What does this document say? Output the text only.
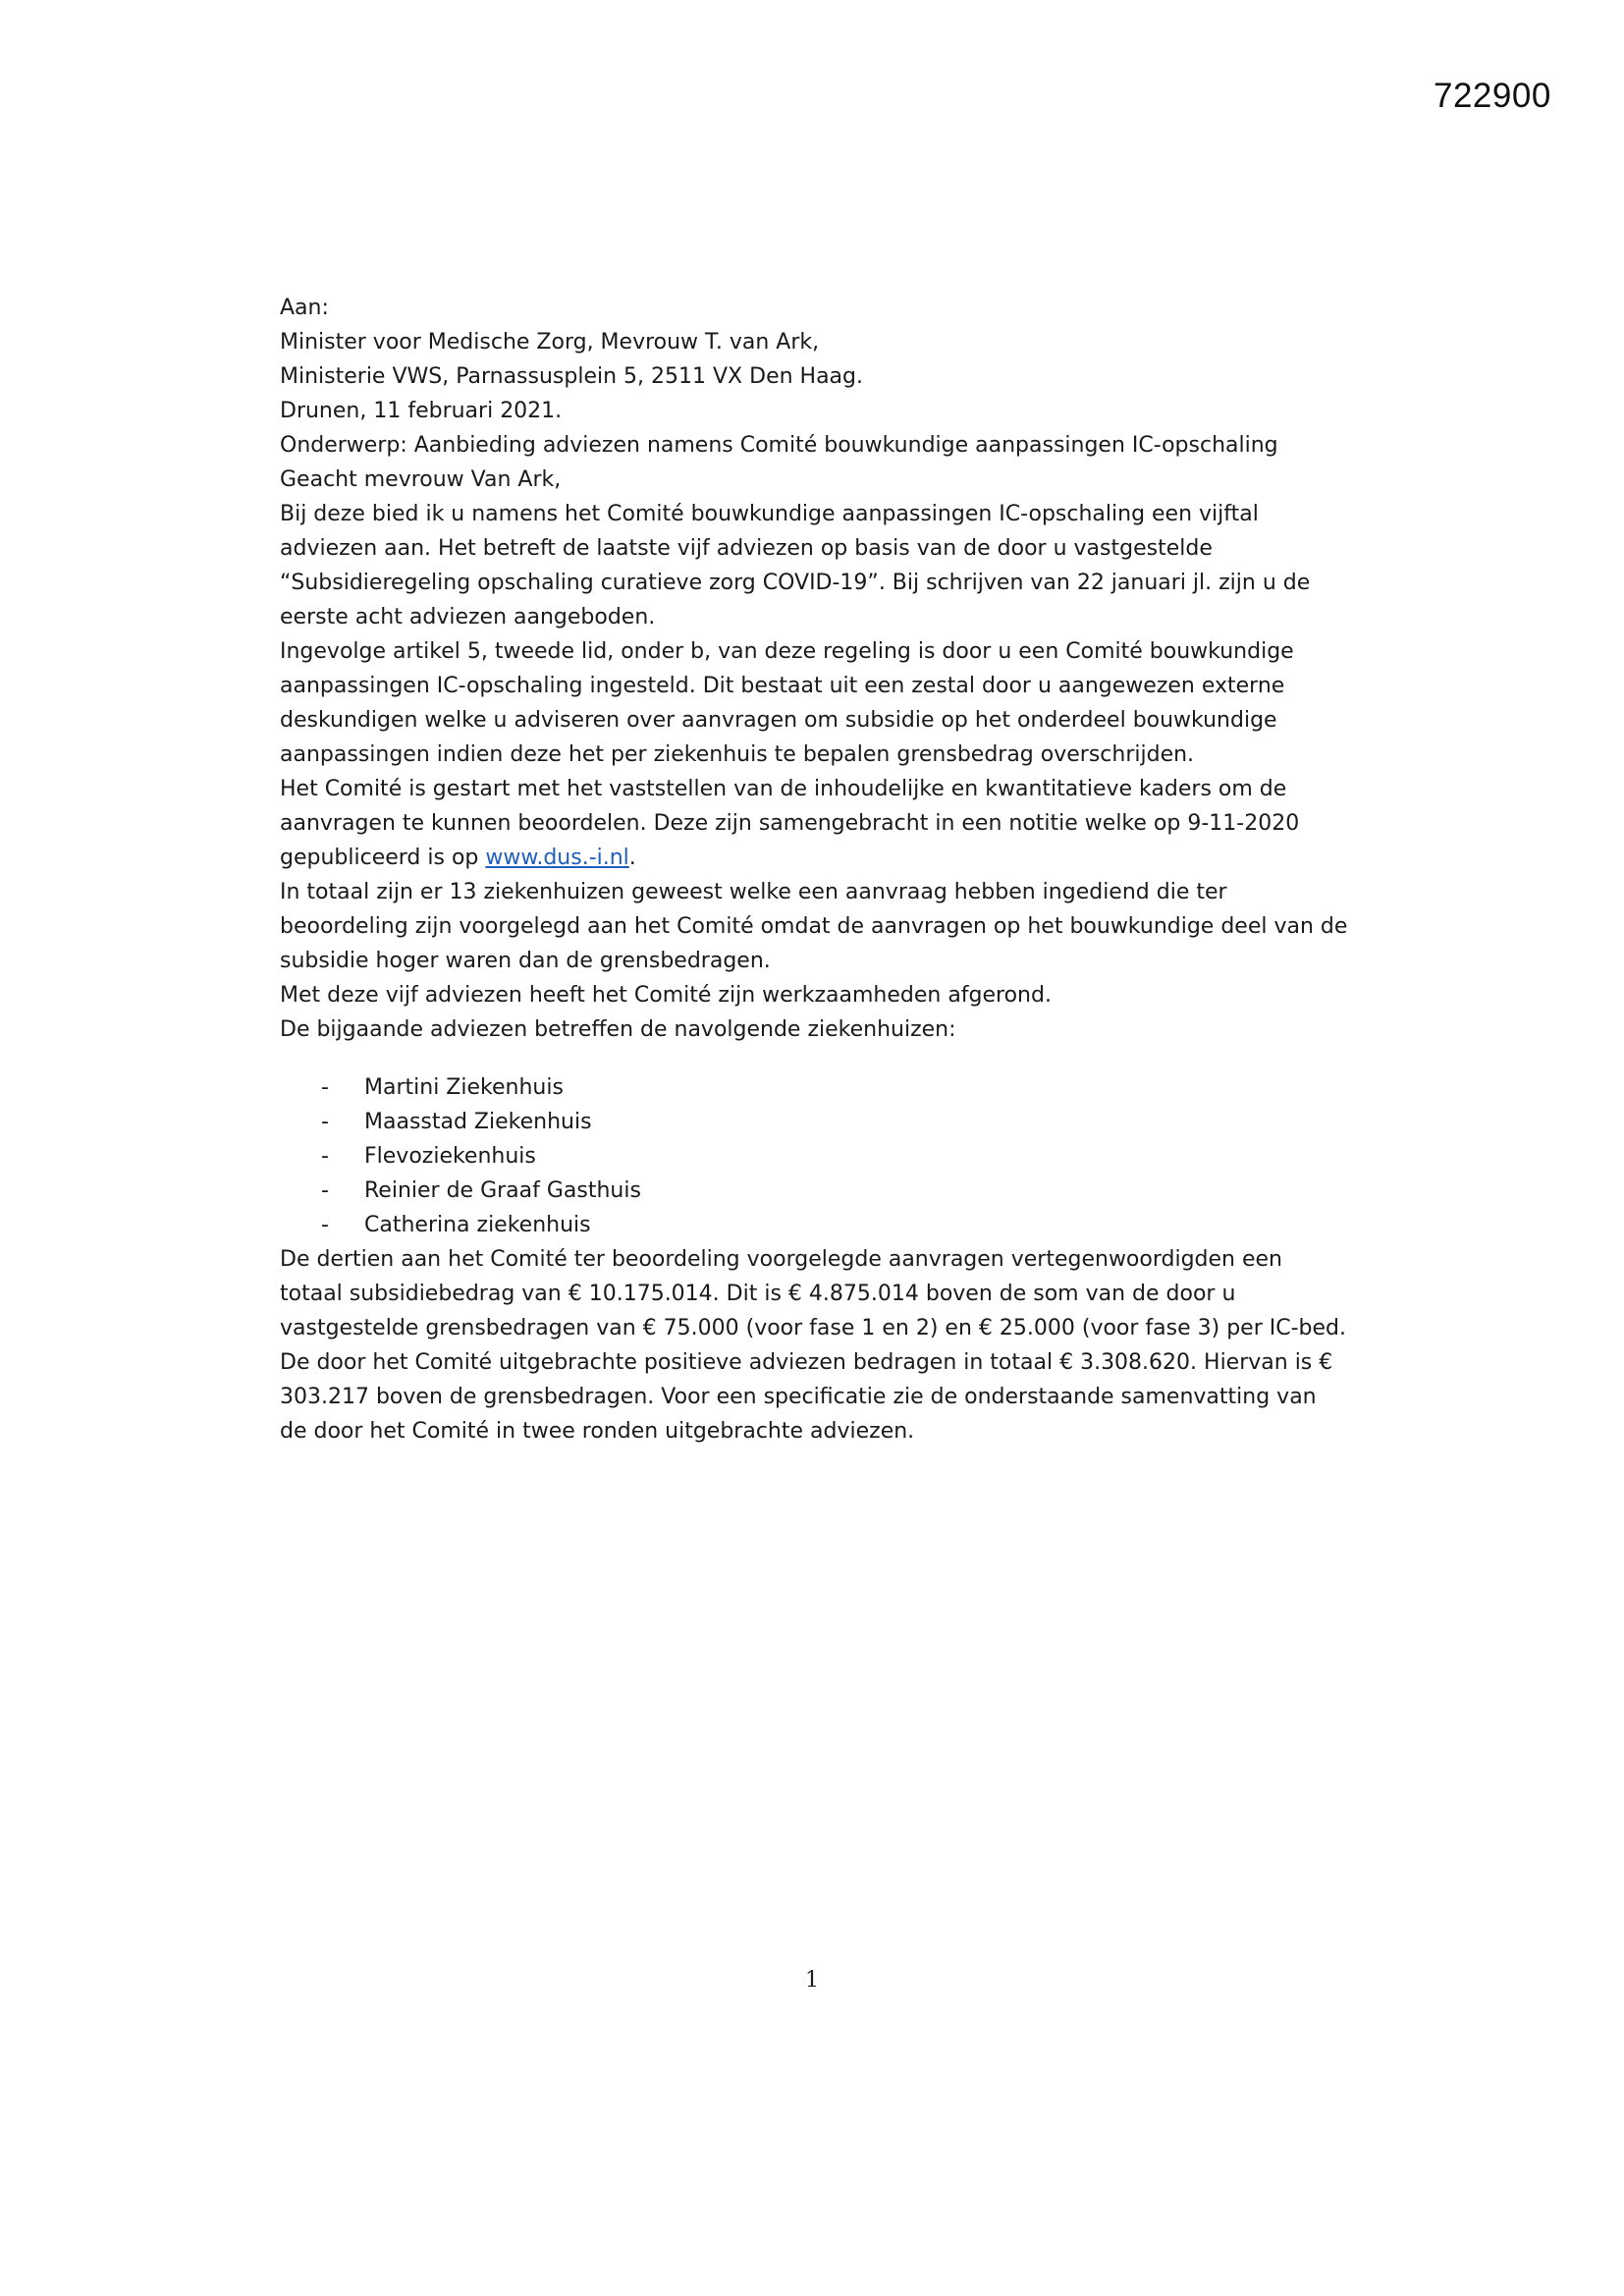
722900

Aan:

Minister voor Medische Zorg, Mevrouw T. van Ark,

Ministerie VWS, Parnassusplein 5, 2511 VX Den Haag.

Drunen, 11 februari 2021.

Onderwerp: Aanbieding adviezen namens Comité bouwkundige aanpassingen IC-opschaling

Geacht mevrouw Van Ark,

Bij deze bied ik u namens het Comité bouwkundige aanpassingen IC-opschaling een vijftal adviezen aan. Het betreft de laatste vijf adviezen op basis van de door u vastgestelde “Subsidieregeling opschaling curatieve zorg COVID-19”. Bij schrijven van 22 januari jl. zijn u de eerste acht adviezen aangeboden.

Ingevolge artikel 5, tweede lid, onder b, van deze regeling is door u een Comité bouwkundige aanpassingen IC-opschaling ingesteld. Dit bestaat uit een zestal door u aangewezen externe deskundigen welke u adviseren over aanvragen om subsidie op het onderdeel bouwkundige aanpassingen indien deze het per ziekenhuis te bepalen grensbedrag overschrijden.

Het Comité is gestart met het vaststellen van de inhoudelijke en kwantitatieve kaders om de aanvragen te kunnen beoordelen. Deze zijn samengebracht in een notitie welke op 9-11-2020 gepubliceerd is op www.dus.-i.nl.

In totaal zijn er 13 ziekenhuizen geweest welke een aanvraag hebben ingediend die ter beoordeling zijn voorgelegd aan het Comité omdat de aanvragen op het bouwkundige deel van de subsidie hoger waren dan de grensbedragen.

Met deze vijf adviezen heeft het Comité zijn werkzaamheden afgerond.

De bijgaande adviezen betreffen de navolgende ziekenhuizen:

- Martini Ziekenhuis
- Maasstad Ziekenhuis
- Flevoziekenhuis
- Reinier de Graaf Gasthuis
- Catherina ziekenhuis

De dertien aan het Comité ter beoordeling voorgelegde aanvragen vertegenwoordigden een totaal subsidiebedrag van € 10.175.014. Dit is € 4.875.014 boven de som van de door u vastgestelde grensbedragen van € 75.000 (voor fase 1 en 2) en € 25.000 (voor fase 3) per IC-bed.

De door het Comité uitgebrachte positieve adviezen bedragen in totaal € 3.308.620. Hiervan is € 303.217 boven de grensbedragen. Voor een specificatie zie de onderstaande samenvatting van de door het Comité in twee ronden uitgebrachte adviezen.

1
